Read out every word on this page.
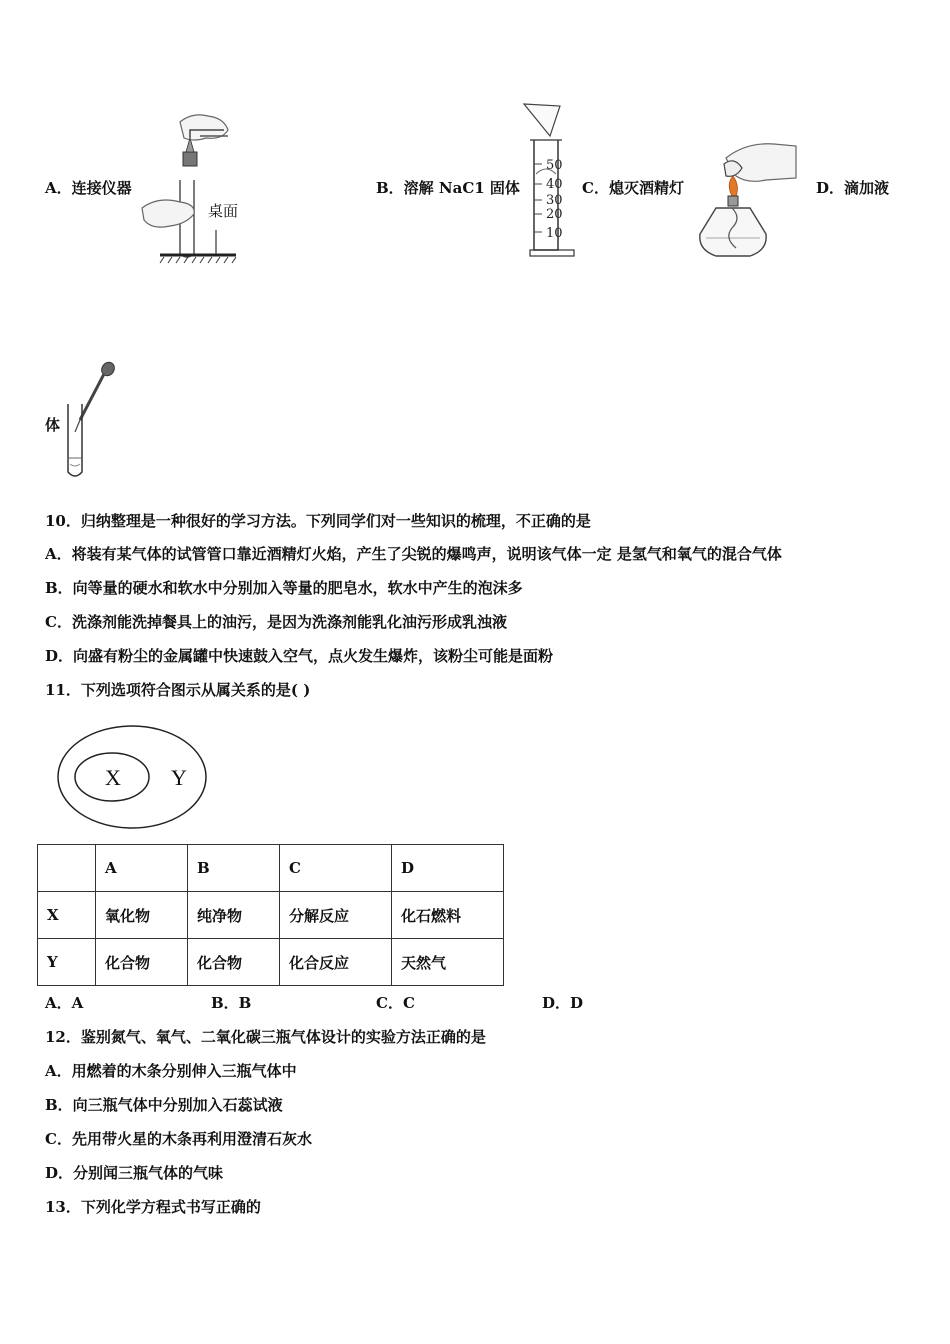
A．连接仪器
桌面
B．溶解 NaC1 固体
50
40
30
20
10
C．熄灭酒精灯	D．滴加液
体
10．归纳整理是一种很好的学习方法。下列同学们对一些知识的梳理，不正确的是
A．将装有某气体的试管管口靠近酒精灯火焰，产生了尖锐的爆鸣声，说明该气体一定 是氢气和氧气的混合气体
B．向等量的硬水和软水中分别加入等量的肥皂水，软水中产生的泡沫多
C．洗涤剂能洗掉餐具上的油污，是因为洗涤剂能乳化油污形成乳浊液
D．向盛有粉尘的金属罐中快速鼓入空气，点火发生爆炸，该粉尘可能是面粉
11．下列选项符合图示从属关系的是( )
X Y
	A	B	C	D
X	氧化物	纯净物	分解反应	化石燃料
Y	化合物	化合物	化合反应	天然气
A．A	B．B	C．C	D．D
12．鉴别氮气、氧气、二氧化碳三瓶气体设计的实验方法正确的是
A．用燃着的木条分别伸入三瓶气体中
B．向三瓶气体中分别加入石蕊试液
C．先用带火星的木条再利用澄清石灰水
D．分别闻三瓶气体的气味
13．下列化学方程式书写正确的
